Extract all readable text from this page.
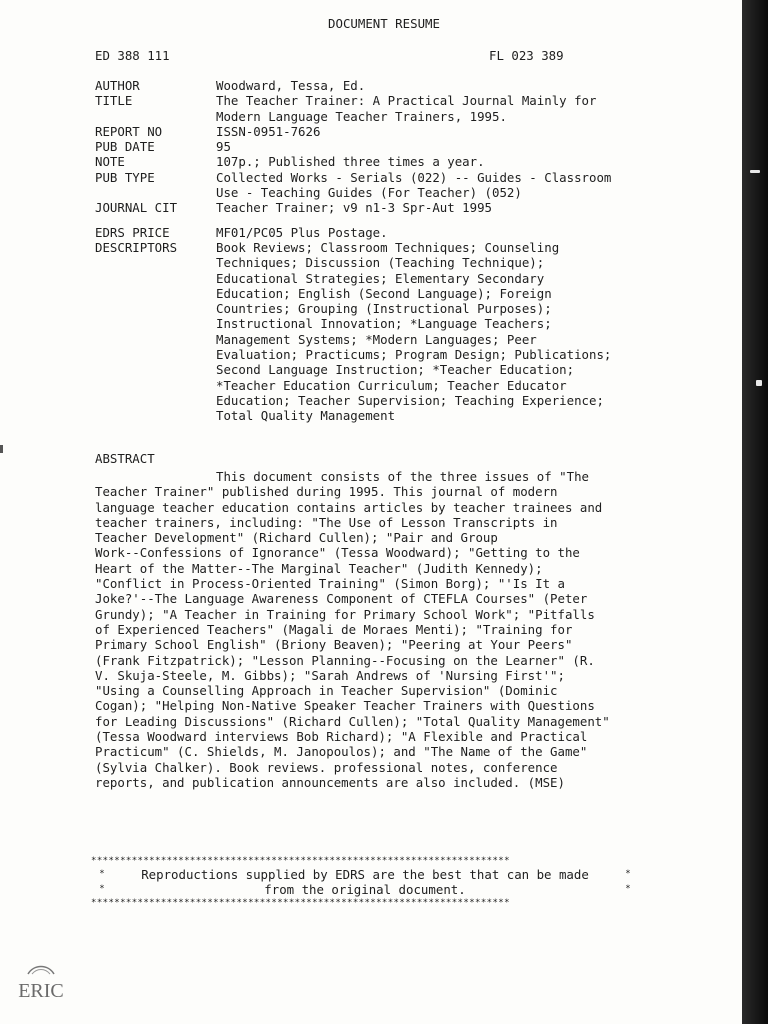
DOCUMENT RESUME
ED 388 111	FL 023 389
AUTHOR	Woodward, Tessa, Ed.
TITLE	The Teacher Trainer: A Practical Journal Mainly for
Modern Language Teacher Trainers, 1995.
REPORT NO	ISSN-0951-7626
PUB DATE	95
NOTE	107p.; Published three times a year.
PUB TYPE	Collected Works - Serials (022) -- Guides - Classroom
Use - Teaching Guides (For Teacher) (052)
JOURNAL CIT	Teacher Trainer; v9 n1-3 Spr-Aut 1995
EDRS PRICE	MF01/PC05 Plus Postage.
DESCRIPTORS	Book Reviews; Classroom Techniques; Counseling
Techniques; Discussion (Teaching Technique);
Educational Strategies; Elementary Secondary
Education; English (Second Language); Foreign
Countries; Grouping (Instructional Purposes);
Instructional Innovation; *Language Teachers;
Management Systems; *Modern Languages; Peer
Evaluation; Practicums; Program Design; Publications;
Second Language Instruction; *Teacher Education;
*Teacher Education Curriculum; Teacher Educator
Education; Teacher Supervision; Teaching Experience;
Total Quality Management
ABSTRACT
This document consists of the three issues of "The
Teacher Trainer" published during 1995. This journal of modern
language teacher education contains articles by teacher trainees and
teacher trainers, including: "The Use of Lesson Transcripts in
Teacher Development" (Richard Cullen); "Pair and Group
Work--Confessions of Ignorance" (Tessa Woodward); "Getting to the
Heart of the Matter--The Marginal Teacher" (Judith Kennedy);
"Conflict in Process-Oriented Training" (Simon Borg); "'Is It a
Joke?'--The Language Awareness Component of CTEFLA Courses" (Peter
Grundy); "A Teacher in Training for Primary School Work"; "Pitfalls
of Experienced Teachers" (Magali de Moraes Menti); "Training for
Primary School English" (Briony Beaven); "Peering at Your Peers"
(Frank Fitzpatrick); "Lesson Planning--Focusing on the Learner" (R.
V. Skuja-Steele, M. Gibbs); "Sarah Andrews of 'Nursing First'";
"Using a Counselling Approach in Teacher Supervision" (Dominic
Cogan); "Helping Non-Native Speaker Teacher Trainers with Questions
for Leading Discussions" (Richard Cullen); "Total Quality Management"
(Tessa Woodward interviews Bob Richard); "A Flexible and Practical
Practicum" (C. Shields, M. Janopoulos); and "The Name of the Game"
(Sylvia Chalker). Book reviews. professional notes, conference
reports, and publication announcements are also included. (MSE)
************************************************************************
*	Reproductions supplied by EDRS are the best that can be made	*
*	from the original document.	*
************************************************************************
ERIC
